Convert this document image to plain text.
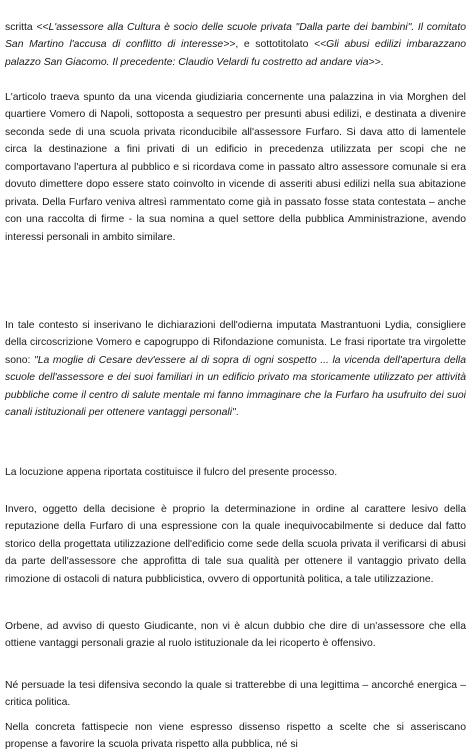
scritta <<L'assessore alla Cultura è socio delle scuole privata "Dalla parte dei bambini". Il comitato San Martino l'accusa di conflitto di interesse>>, e sottotitolato <<Gli abusi edilizi imbarazzano palazzo San Giacomo. Il precedente: Claudio Velardi fu costretto ad andare via>>.

L'articolo traeva spunto da una vicenda giudiziaria concernente una palazzina in via Morghen del quartiere Vomero di Napoli, sottoposta a sequestro per presunti abusi edilizi, e destinata a divenire seconda sede di una scuola privata riconducibile all'assessore Furfaro. Si dava atto di lamentele circa la destinazione a fini privati di un edificio in precedenza utilizzata per scopi che ne comportavano l'apertura al pubblico e si ricordava come in passato altro assessore comunale si era dovuto dimettere dopo essere stato coinvolto in vicende di asseriti abusi edilizi nella sua abitazione privata. Della Furfaro veniva altresì rammentato come già in passato fosse stata contestata – anche con una raccolta di firme - la sua nomina a quel settore della pubblica Amministrazione, avendo interessi personali in ambito similare.

In tale contesto si inserivano le dichiarazioni dell'odierna imputata Mastrantuoni Lydia, consigliere della circoscrizione Vomero e capogruppo di Rifondazione comunista. Le frasi riportate tra virgolette sono: "La moglie di Cesare dev'essere al di sopra di ogni sospetto ... la vicenda dell'apertura della scuole dell'assessore e dei suoi familiari in un edificio privato ma storicamente utilizzato per attività pubbliche come il centro di salute mentale mi fanno immaginare che la Furfaro ha usufruito dei suoi canali istituzionali per ottenere vantaggi personali".

La locuzione appena riportata costituisce il fulcro del presente processo.

Invero, oggetto della decisione è proprio la determinazione in ordine al carattere lesivo della reputazione della Furfaro di una espressione con la quale inequivocabilmente si deduce dal fatto storico della progettata utilizzazione dell'edificio come sede della scuola privata il verificarsi di abusi da parte dell'assessore che approfitta di tale sua qualità per ottenere il vantaggio privato della rimozione di ostacoli di natura pubblicistica, ovvero di opportunità politica, a tale utilizzazione.

Orbene, ad avviso di questo Giudicante, non vi è alcun dubbio che dire di un'assessore che ella ottiene vantaggi personali grazie al ruolo istituzionale da lei ricoperto è offensivo.

Né persuade la tesi difensiva secondo la quale si tratterebbe di una legittima – ancorché energica – critica politica.

Nella concreta fattispecie non viene espresso dissenso rispetto a scelte che si asseriscano propense a favorire la scuola privata rispetto alla pubblica, né si
